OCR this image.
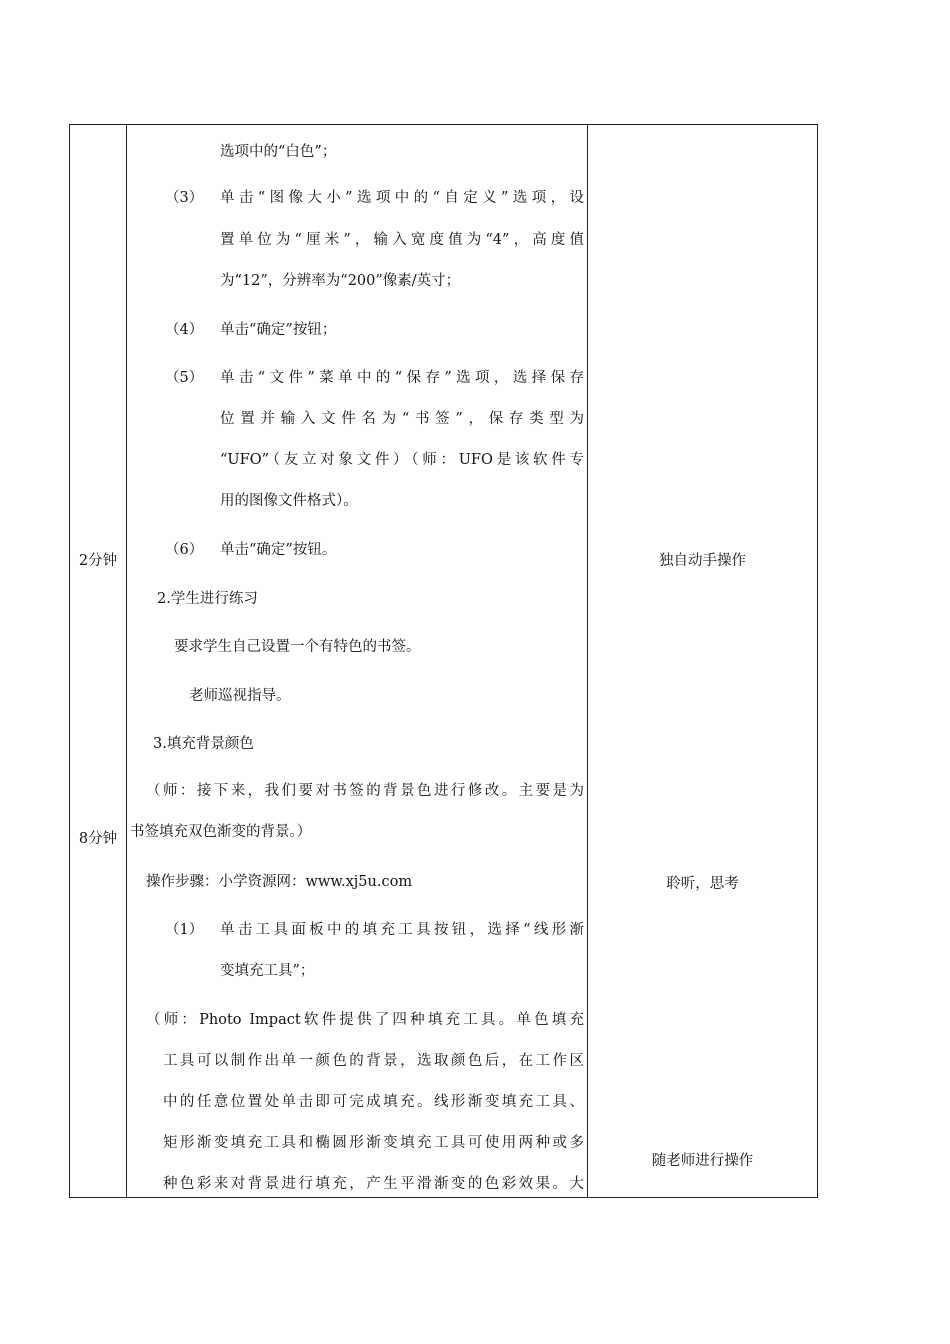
2分钟
8分钟
独自动手操作
聆听，思考
随老师进行操作
选项中的“白色”；
（3） 单击“图像大小”选项中的“自定义”选项，设
置单位为“厘米”，输入宽度值为“4”，高度值
为“12”，分辨率为“200”像素/英寸；
（4） 单击“确定”按钮；
（5） 单击“文件”菜单中的“保存”选项，选择保存
位置并输入文件名为“书签”，保存类型为
“UFO”（友立对象文件）（师：UFO是该软件专
用的图像文件格式）。
（6） 单击“确定”按钮。
2.学生进行练习
要求学生自己设置一个有特色的书签。
老师巡视指导。
3.填充背景颜色
（师：接下来，我们要对书签的背景色进行修改。主要是为
书签填充双色渐变的背景。）
操作步骤：小学资源网：www.xj5u.com
（1） 单击工具面板中的填充工具按钮，选择“线形渐
变填充工具”；
（师：Photo Impact软件提供了四种填充工具。单色填充
工具可以制作出单一颜色的背景，选取颜色后，在工作区
中的任意位置处单击即可完成填充。线形渐变填充工具、
矩形渐变填充工具和椭圆形渐变填充工具可使用两种或多
种色彩来对背景进行填充，产生平滑渐变的色彩效果。大
